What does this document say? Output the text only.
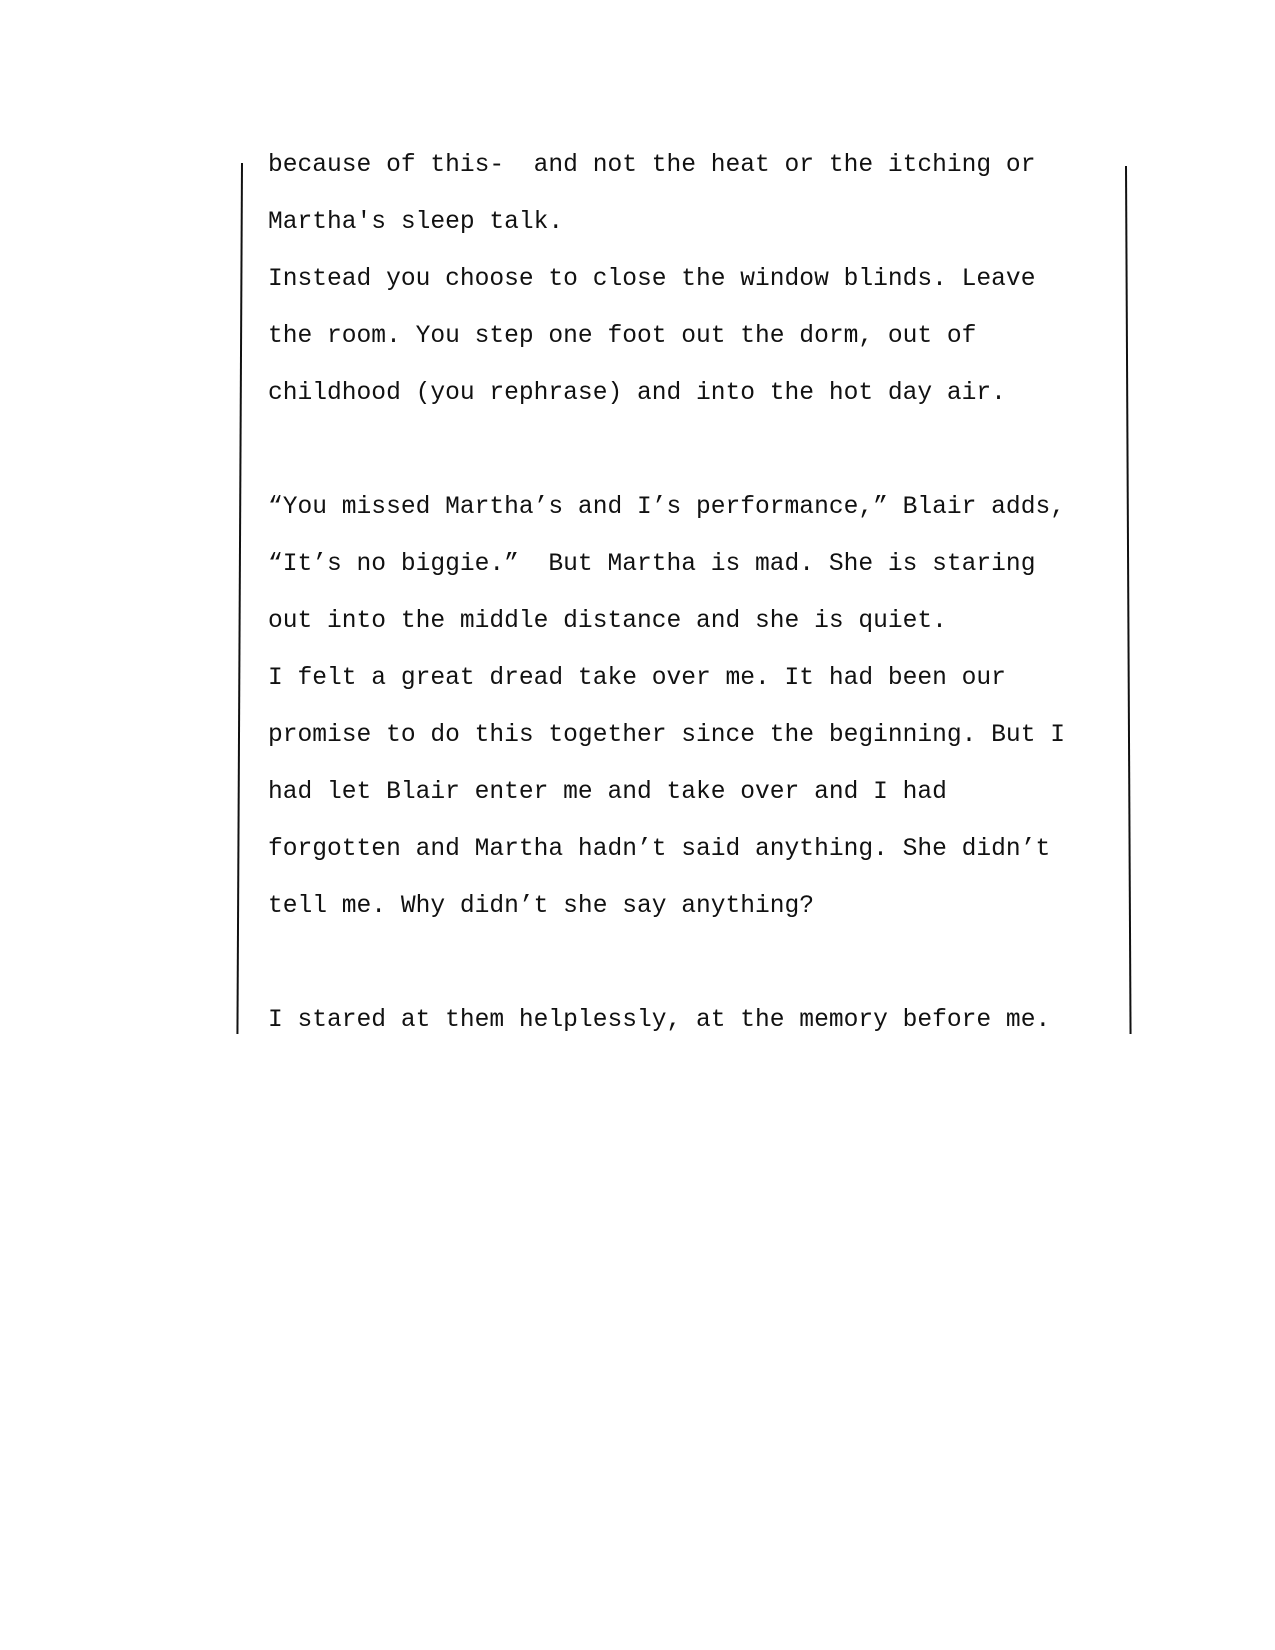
because of this-  and not the heat or the itching or
Martha's sleep talk.
Instead you choose to close the window blinds. Leave
the room. You step one foot out the dorm, out of
childhood (you rephrase) and into the hot day air.
“You missed Martha’s and I’s performance,” Blair adds,
“It’s no biggie.”  But Martha is mad. She is staring
out into the middle distance and she is quiet.
I felt a great dread take over me. It had been our
promise to do this together since the beginning. But I
had let Blair enter me and take over and I had
forgotten and Martha hadn’t said anything. She didn’t
tell me. Why didn’t she say anything?
I stared at them helplessly, at the memory before me.
